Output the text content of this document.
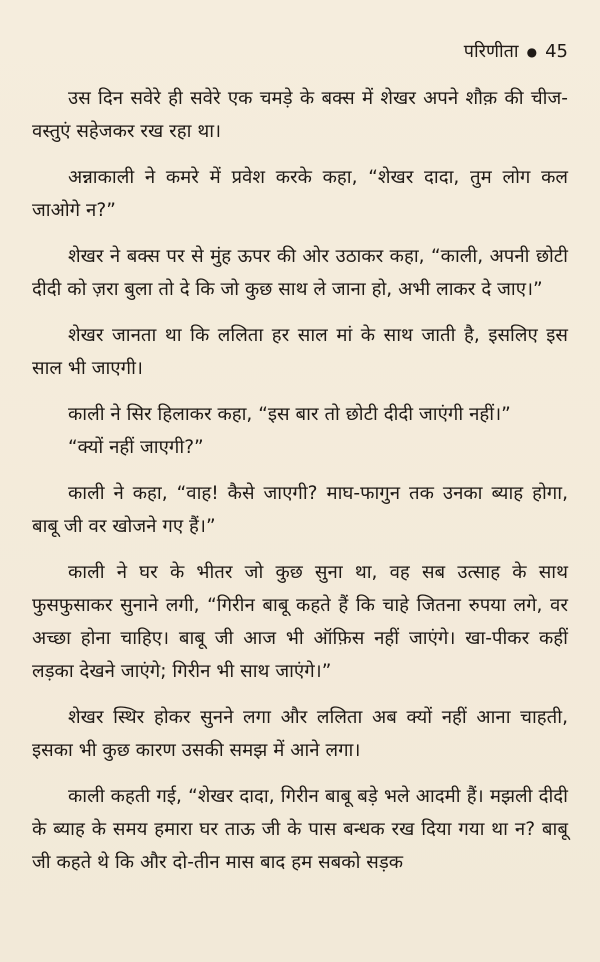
परिणीता ● 45

उस दिन सवेरे ही सवेरे एक चमड़े के बक्स में शेखर अपने शौक़ की चीज-वस्तुएं सहेजकर रख रहा था।

अन्नाकाली ने कमरे में प्रवेश करके कहा, “शेखर दादा, तुम लोग कल जाओगे न?”

शेखर ने बक्स पर से मुंह ऊपर की ओर उठाकर कहा, “काली, अपनी छोटी दीदी को ज़रा बुला तो दे कि जो कुछ साथ ले जाना हो, अभी लाकर दे जाए।”

शेखर जानता था कि ललिता हर साल मां के साथ जाती है, इसलिए इस साल भी जाएगी।

काली ने सिर हिलाकर कहा, “इस बार तो छोटी दीदी जाएंगी नहीं।”

“क्यों नहीं जाएगी?”

काली ने कहा, “वाह! कैसे जाएगी? माघ-फागुन तक उनका ब्याह होगा, बाबू जी वर खोजने गए हैं।”

काली ने घर के भीतर जो कुछ सुना था, वह सब उत्साह के साथ फुसफुसाकर सुनाने लगी, “गिरीन बाबू कहते हैं कि चाहे जितना रुपया लगे, वर अच्छा होना चाहिए। बाबू जी आज भी ऑफ़िस नहीं जाएंगे। खा-पीकर कहीं लड़का देखने जाएंगे; गिरीन भी साथ जाएंगे।”

शेखर स्थिर होकर सुनने लगा और ललिता अब क्यों नहीं आना चाहती, इसका भी कुछ कारण उसकी समझ में आने लगा।

काली कहती गई, “शेखर दादा, गिरीन बाबू बड़े भले आदमी हैं। मझली दीदी के ब्याह के समय हमारा घर ताऊ जी के पास बन्धक रख दिया गया था न? बाबू जी कहते थे कि और दो-तीन मास बाद हम सबको सड़क
